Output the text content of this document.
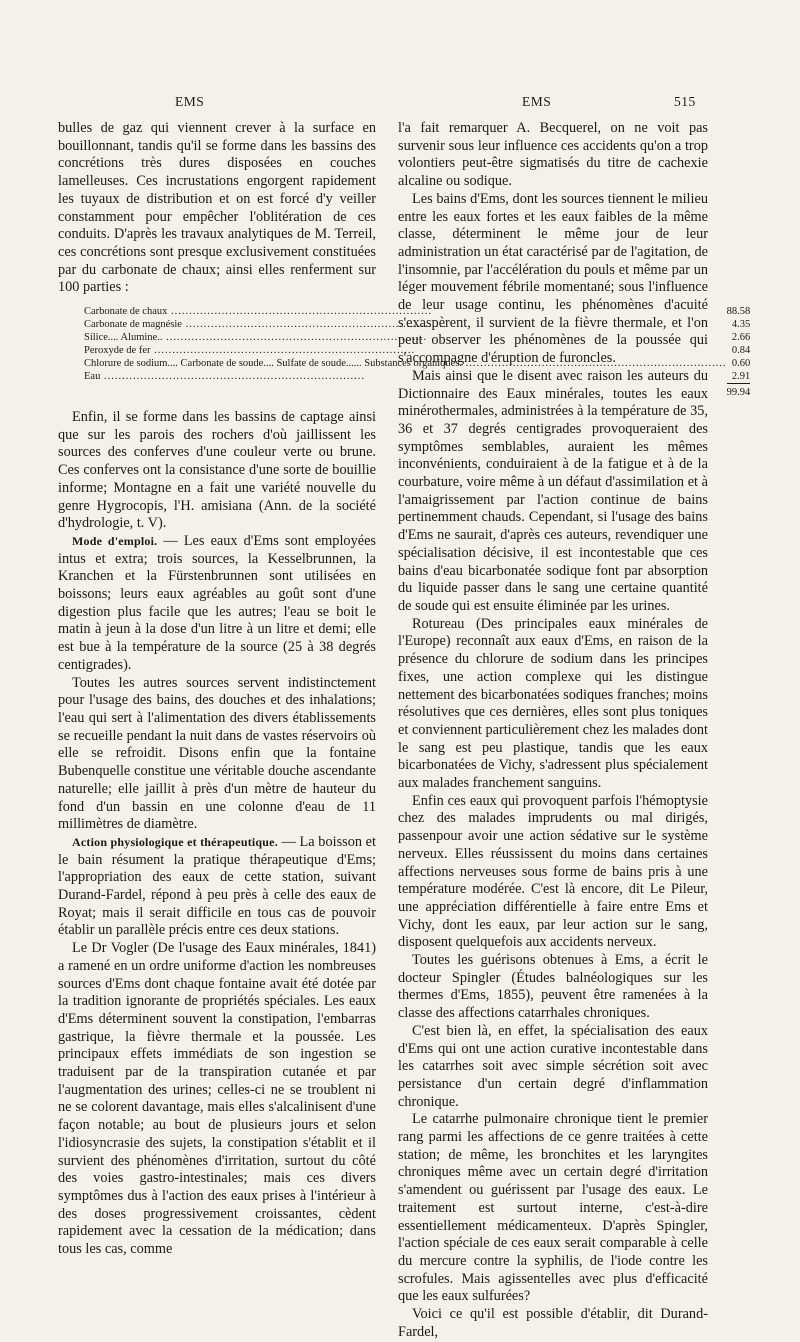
EMS	EMS	515

bulles de gaz qui viennent crever à la surface en bouillonnant, tandis qu'il se forme dans les bassins des concrétions très dures disposées en couches lamelleuses. Ces incrustations engorgent rapidement les tuyaux de distribution et on est forcé d'y veiller constamment pour empêcher l'oblitération de ces conduits. D'après les travaux analytiques de M. Terreil, ces concrétions sont presque exclusivement constituées par du carbonate de chaux; ainsi elles renferment sur 100 parties :

Carbonate de chaux .....	88.58
Carbonate de magnésie .....	4.35
Silice.... Alumine.. .....	2.66
Peroxyde de fer .....	0.84
Chlorure de sodium.... Carbonate de soude.... Sulfate de soude...... Substances organiques. .....	0.60
Eau .....	2.91
	99.94

Enfin, il se forme dans les bassins de captage ainsi que sur les parois des rochers d'où jaillissent les sources des conferves d'une couleur verte ou brune. Ces conferves ont la consistance d'une sorte de bouillie informe; Montagne en a fait une variété nouvelle du genre Hygrocopis, l'H. amisiana (Ann. de la société d'hydrologie, t. V).

Mode d'emploi. — Les eaux d'Ems sont employées intus et extra; trois sources, la Kesselbrunnen, la Kranchen et la Fürstenbrunnen sont utilisées en boissons; leurs eaux agréables au goût sont d'une digestion plus facile que les autres; l'eau se boit le matin à jeun à la dose d'un litre à un litre et demi; elle est bue à la température de la source (25 à 38 degrés centigrades).

Toutes les autres sources servent indistinctement pour l'usage des bains, des douches et des inhalations; l'eau qui sert à l'alimentation des divers établissements se recueille pendant la nuit dans de vastes réservoirs où elle se refroidit. Disons enfin que la fontaine Bubenquelle constitue une véritable douche ascendante naturelle; elle jaillit à près d'un mètre de hauteur du fond d'un bassin en une colonne d'eau de 11 millimètres de diamètre.

Action physiologique et thérapeutique. — La boisson et le bain résument la pratique thérapeutique d'Ems; l'appropriation des eaux de cette station, suivant Durand-Fardel, répond à peu près à celle des eaux de Royat; mais il serait difficile en tous cas de pouvoir établir un parallèle précis entre ces deux stations.

Le Dr Vogler (De l'usage des Eaux minérales, 1841) a ramené en un ordre uniforme d'action les nombreuses sources d'Ems dont chaque fontaine avait été dotée par la tradition ignorante de propriétés spéciales. Les eaux d'Ems déterminent souvent la constipation, l'embarras gastrique, la fièvre thermale et la poussée. Les principaux effets immédiats de son ingestion se traduisent par de la transpiration cutanée et par l'augmentation des urines; celles-ci ne se troublent ni ne se colorent davantage, mais elles s'alcalinisent d'une façon notable; au bout de plusieurs jours et selon l'idiosyncrasie des sujets, la constipation s'établit et il survient des phénomènes d'irritation, surtout du côté des voies gastro-intestinales; mais ces divers symptômes dus à l'action des eaux prises à l'intérieur à des doses progressivement croissantes, cèdent rapidement avec la cessation de la médication; dans tous les cas, comme

l'a fait remarquer A. Becquerel, on ne voit pas survenir sous leur influence ces accidents qu'on a trop volontiers peut-être sigmatisés du titre de cachexie alcaline ou sodique.

Les bains d'Ems, dont les sources tiennent le milieu entre les eaux fortes et les eaux faibles de la même classe, déterminent le même jour de leur administration un état caractérisé par de l'agitation, de l'insomnie, par l'accélération du pouls et même par un léger mouvement fébrile momentané; sous l'influence de leur usage continu, les phénomènes d'acuité s'exaspèrent, il survient de la fièvre thermale, et l'on peut observer les phénomènes de la poussée qui s'accompagne d'éruption de furoncles.

Mais ainsi que le disent avec raison les auteurs du Dictionnaire des Eaux minérales, toutes les eaux minérothermales, administrées à la température de 35, 36 et 37 degrés centigrades provoqueraient des symptômes semblables, auraient les mêmes inconvénients, conduiraient à de la fatigue et à de la courbature, voire même à un défaut d'assimilation et à l'amaigrissement par l'action continue de bains pertinemment chauds. Cependant, si l'usage des bains d'Ems ne saurait, d'après ces auteurs, revendiquer une spécialisation décisive, il est incontestable que ces bains d'eau bicarbonatée sodique font par absorption du liquide passer dans le sang une certaine quantité de soude qui est ensuite éliminée par les urines.

Rotureau (Des principales eaux minérales de l'Europe) reconnaît aux eaux d'Ems, en raison de la présence du chlorure de sodium dans les principes fixes, une action complexe qui les distingue nettement des bicarbonatées sodiques franches; moins résolutives que ces dernières, elles sont plus toniques et conviennent particulièrement chez les malades dont le sang est peu plastique, tandis que les eaux bicarbonatées de Vichy, s'adressent plus spécialement aux malades franchement sanguins.

Enfin ces eaux qui provoquent parfois l'hémoptysie chez des malades imprudents ou mal dirigés, passenpour avoir une action sédative sur le système nerveux. Elles réussissent du moins dans certaines affections nerveuses sous forme de bains pris à une température modérée. C'est là encore, dit Le Pileur, une appréciation différentielle à faire entre Ems et Vichy, dont les eaux, par leur action sur le sang, disposent quelquefois aux accidents nerveux.

Toutes les guérisons obtenues à Ems, a écrit le docteur Spingler (Études balnéologiques sur les thermes d'Ems, 1855), peuvent être ramenées à la classe des affections catarrhales chroniques.

C'est bien là, en effet, la spécialisation des eaux d'Ems qui ont une action curative incontestable dans les catarrhes soit avec simple sécrétion soit avec persistance d'un certain degré d'inflammation chronique.

Le catarrhe pulmonaire chronique tient le premier rang parmi les affections de ce genre traitées à cette station; de même, les bronchites et les laryngites chroniques même avec un certain degré d'irritation s'amendent ou guérissent par l'usage des eaux. Le traitement est surtout interne, c'est-à-dire essentiellement médicamenteux. D'après Spingler, l'action spéciale de ces eaux serait comparable à celle du mercure contre la syphilis, de l'iode contre les scrofules. Mais agissentelles avec plus d'efficacité que les eaux sulfurées?

Voici ce qu'il est possible d'établir, dit Durand-Fardel,
